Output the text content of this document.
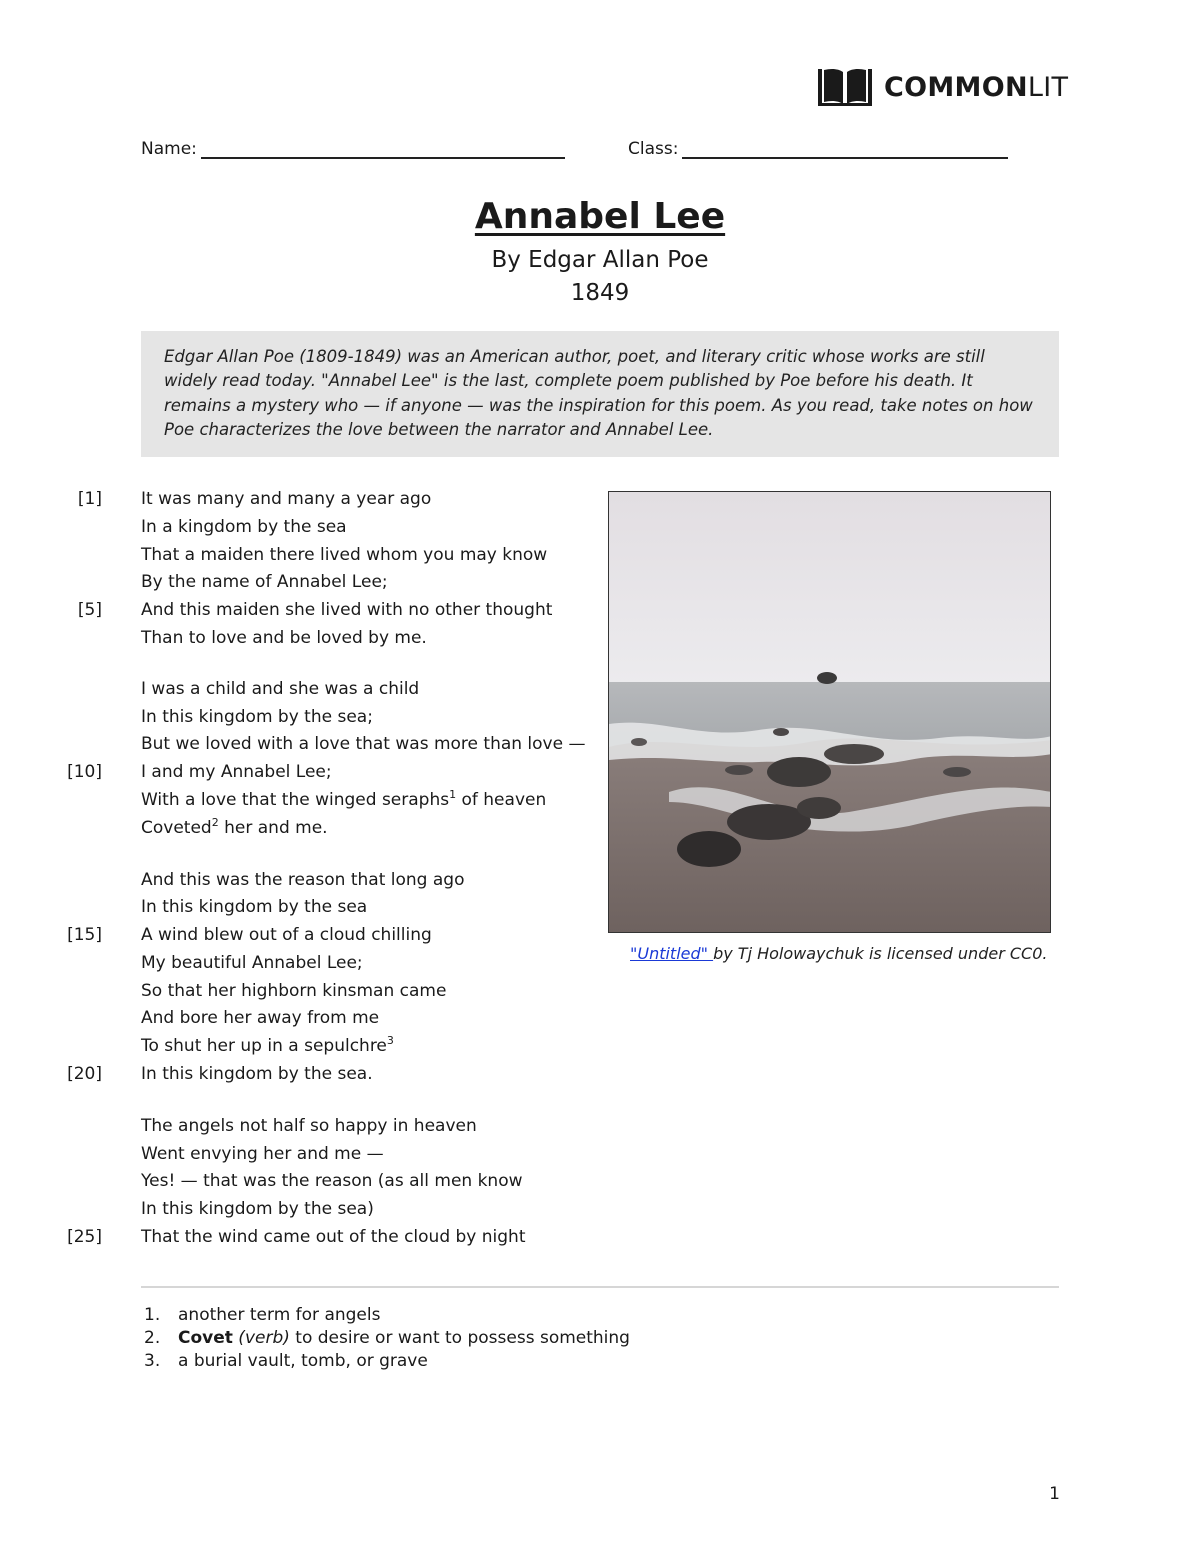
COMMONLIT
Name:	Class:
Annabel Lee
By Edgar Allan Poe
1849
Edgar Allan Poe (1809-1849) was an American author, poet, and literary critic whose works are still widely read today. "Annabel Lee" is the last, complete poem published by Poe before his death. It remains a mystery who — if anyone — was the inspiration for this poem. As you read, take notes on how Poe characterizes the love between the narrator and Annabel Lee.
[1]
[5]
[10]
[15]
[20]
[25]
It was many and many a year ago
In a kingdom by the sea
That a maiden there lived whom you may know
By the name of Annabel Lee;
And this maiden she lived with no other thought
Than to love and be loved by me.
I was a child and she was a child
In this kingdom by the sea;
But we loved with a love that was more than love —
I and my Annabel Lee;
With a love that the winged seraphs$^1$ of heaven
Coveted$^2$ her and me.
And this was the reason that long ago
In this kingdom by the sea
A wind blew out of a cloud chilling
My beautiful Annabel Lee;
So that her highborn kinsman came
And bore her away from me
To shut her up in a sepulchre$^3$
In this kingdom by the sea.
The angels not half so happy in heaven
Went envying her and me —
Yes! — that was the reason (as all men know
In this kingdom by the sea)
That the wind came out of the cloud by night
"Untitled" by Tj Holowaychuk is licensed under CC0.
1. another term for angels
2. Covet (verb) to desire or want to possess something
3. a burial vault, tomb, or grave
1
